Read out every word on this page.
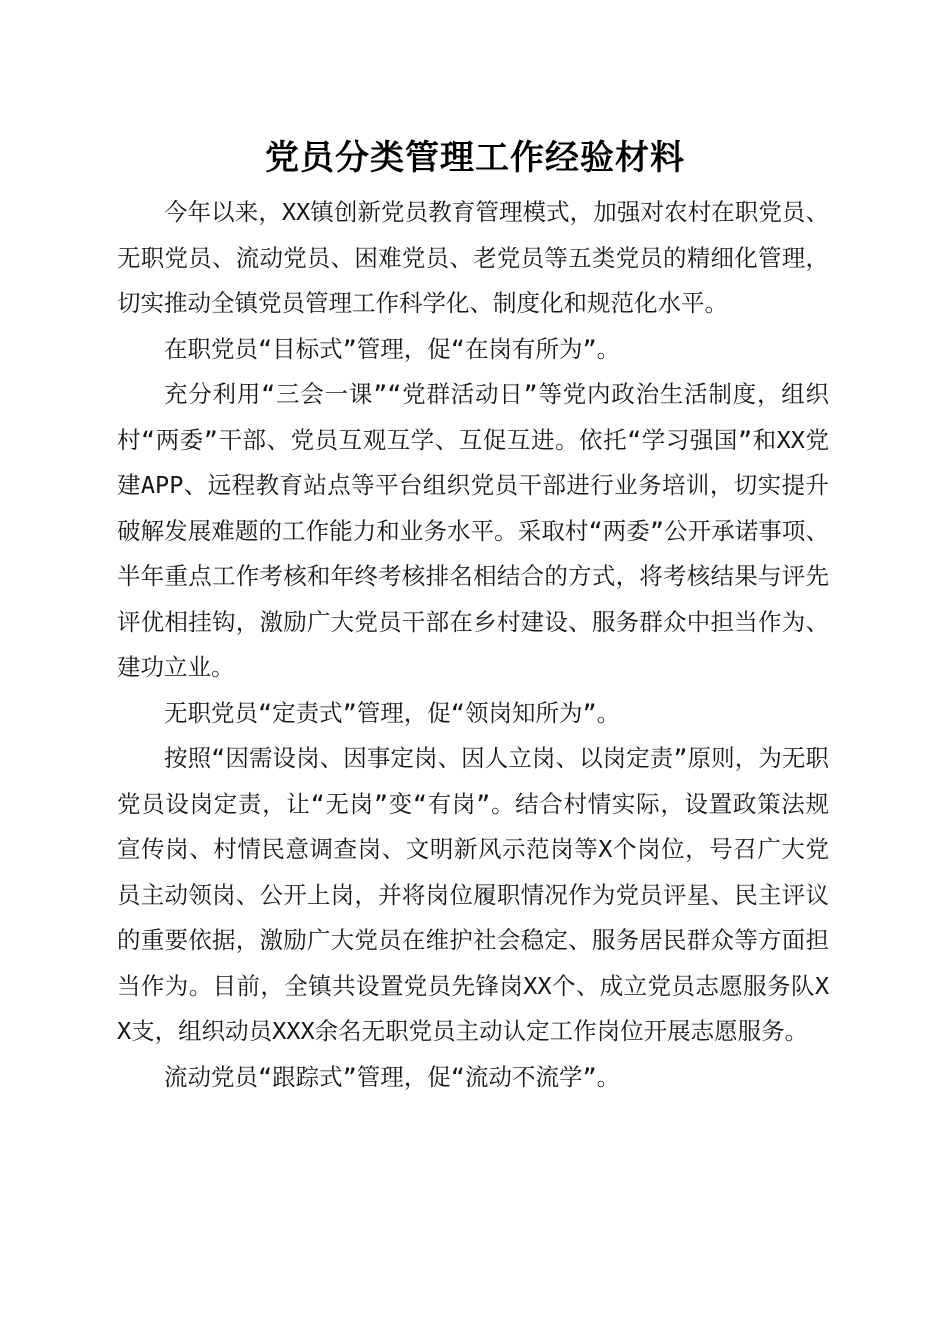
党员分类管理工作经验材料

今年以来，XX镇创新党员教育管理模式，加强对农村在职党员、无职党员、流动党员、困难党员、老党员等五类党员的精细化管理，切实推动全镇党员管理工作科学化、制度化和规范化水平。

在职党员“目标式”管理，促“在岗有所为”。

充分利用“三会一课”“党群活动日”等党内政治生活制度，组织村“两委”干部、党员互观互学、互促互进。依托“学习强国”和XX党建APP、远程教育站点等平台组织党员干部进行业务培训，切实提升破解发展难题的工作能力和业务水平。采取村“两委”公开承诺事项、半年重点工作考核和年终考核排名相结合的方式，将考核结果与评先评优相挂钩，激励广大党员干部在乡村建设、服务群众中担当作为、建功立业。

无职党员“定责式”管理，促“领岗知所为”。

按照“因需设岗、因事定岗、因人立岗、以岗定责”原则，为无职党员设岗定责，让“无岗”变“有岗”。结合村情实际，设置政策法规宣传岗、村情民意调查岗、文明新风示范岗等X个岗位，号召广大党员主动领岗、公开上岗，并将岗位履职情况作为党员评星、民主评议的重要依据，激励广大党员在维护社会稳定、服务居民群众等方面担当作为。目前，全镇共设置党员先锋岗XX个、成立党员志愿服务队XX支，组织动员XXX余名无职党员主动认定工作岗位开展志愿服务。

流动党员“跟踪式”管理，促“流动不流学”。
